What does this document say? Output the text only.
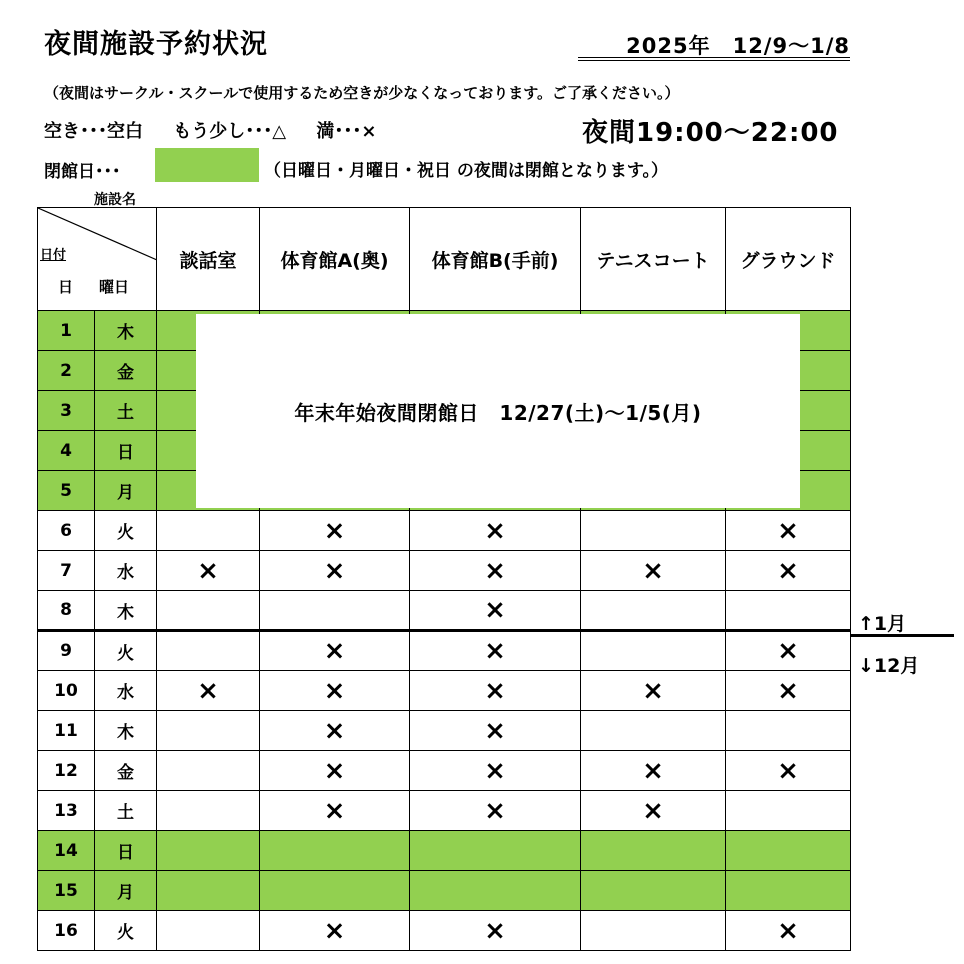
夜間施設予約状況	2025年　12/9～1/8
（夜間はサークル・スクールで使用するため空きが少なくなっております。ご了承ください。）
空き･･･空白 もう少し･･･△ 満･･･×	夜間19:00～22:00
閉館日･･･	（日曜日・月曜日・祝日 の夜間は閉館となります。）
施設名
日付
日 曜日		談話室	体育館A(奥)	体育館B(手前)	テニスコート	グラウンド
1	木					
2	金					
3	土					
4	日					
5	月					
6	火		×	×		×
7	水	×	×	×	×	×
8	木			×		
9	火		×	×		×
10	水	×	×	×	×	×
11	木		×	×		
12	金		×	×	×	×
13	土		×	×	×	
14	日					
15	月					
16	火		×	×		×
年末年始夜間閉館日　12/27(土)～1/5(月)
↑1月
↓12月
